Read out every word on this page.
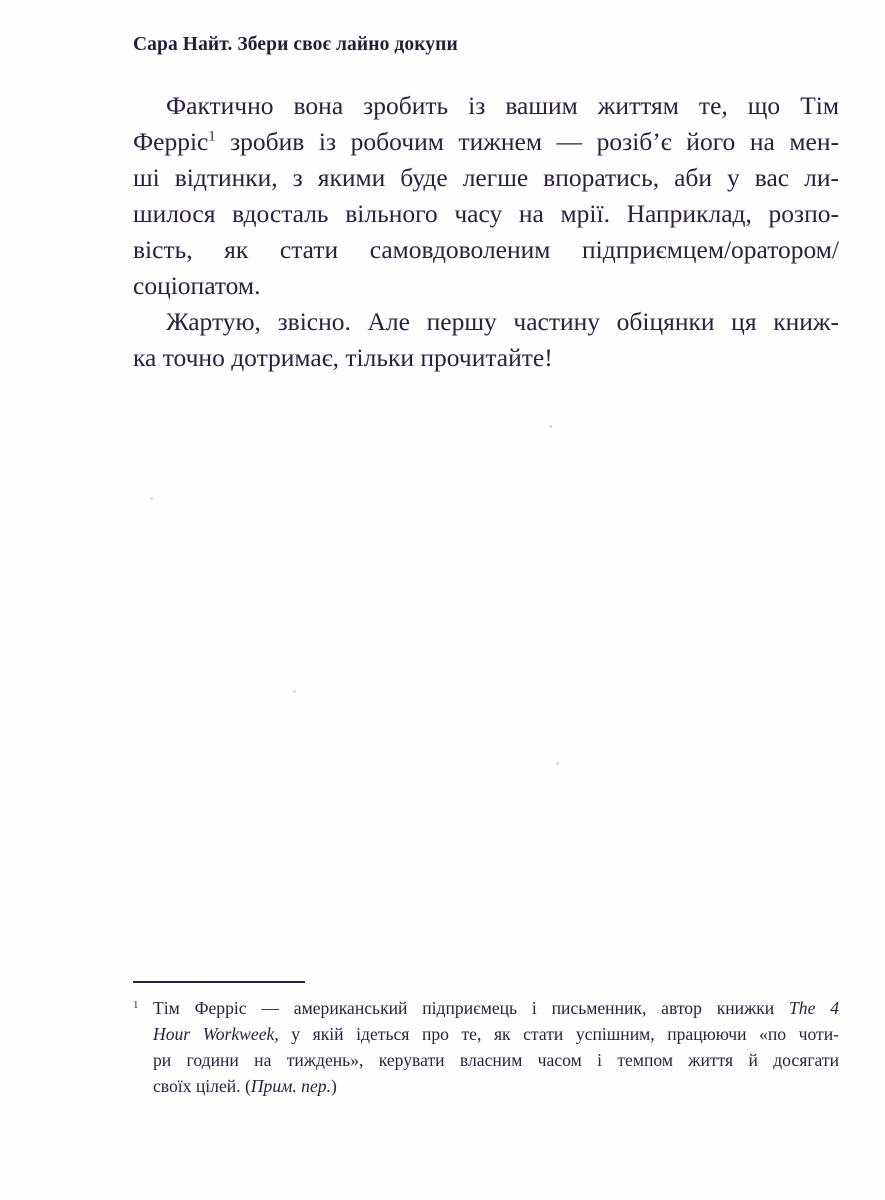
Сара Найт. Збери своє лайно докупи

Фактично вона зробить із вашим життям те, що Тім
Ферріс$^1$ зробив із робочим тижнем — розіб’є його на мен-
ші відтинки, з якими буде легше впоратись, аби у вас ли-
шилося вдосталь вільного часу на мрії. Наприклад, розпо-
вість, як стати самовдоволеним підприємцем/оратором/
соціопатом.

Жартую, звісно. Але першу частину обіцянки ця книж-
ка точно дотримає, тільки прочитайте!

1 Тім Ферріс — американський підприємець і письменник, автор книжки The 4
Hour Workweek, у якій ідеться про те, як стати успішним, працюючи «по чоти-
ри години на тиждень», керувати власним часом і темпом життя й досягати
своїх цілей. (Прим. пер.)
